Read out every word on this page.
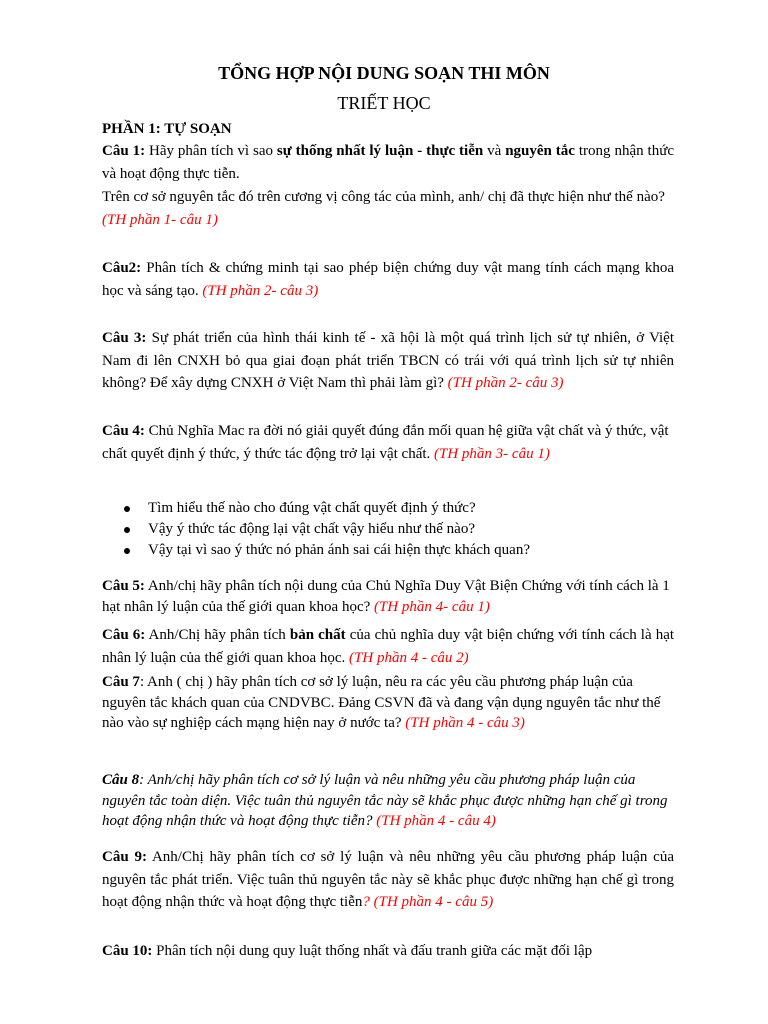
TỔNG HỢP NỘI DUNG SOẠN THI MÔN
TRIẾT HỌC
PHẦN 1: TỰ SOẠN
Câu 1: Hãy phân tích vì sao sự thống nhất lý luận - thực tiễn và nguyên tắc trong nhận thức và hoạt động thực tiễn.
Trên cơ sở nguyên tắc đó trên cương vị công tác của mình, anh/ chị đã thực hiện như thế nào? (TH phần 1- câu 1)
Câu2: Phân tích & chứng minh tại sao phép biện chứng duy vật mang tính cách mạng khoa học và sáng tạo. (TH phần 2- câu 3)
Câu 3: Sự phát triển của hình thái kinh tế - xã hội là một quá trình lịch sử tự nhiên, ở Việt Nam đi lên CNXH bỏ qua giai đoạn phát triển TBCN có trái với quá trình lịch sử tự nhiên không? Để xây dựng CNXH ở Việt Nam thì phải làm gì? (TH phần 2- câu 3)
Câu 4: Chủ Nghĩa Mac ra đời nó giải quyết đúng đắn mối quan hệ giữa vật chất và ý thức, vật chất quyết định ý thức, ý thức tác động trở lại vật chất. (TH phần 3- câu 1)
Tìm hiểu thế nào cho đúng vật chất quyết định ý thức?
Vậy ý thức tác động lại vật chất vậy hiểu như thế nào?
Vậy tại vì sao ý thức nó phản ánh sai cái hiện thực khách quan?
Câu 5: Anh/chị hãy phân tích nội dung của Chủ Nghĩa Duy Vật Biện Chứng với tính cách là 1 hạt nhân lý luận của thế giới quan khoa học? (TH phần 4- câu 1)
Câu 6: Anh/Chị hãy phân tích bản chất của chủ nghĩa duy vật biện chứng với tính cách là hạt nhân lý luận của thế giới quan khoa học. (TH phần 4 - câu 2)
Câu 7: Anh ( chị ) hãy phân tích cơ sở lý luận, nêu ra các yêu cầu phương pháp luận của nguyên tắc khách quan của CNDVBC. Đảng CSVN đã và đang vận dụng nguyên tắc như thế nào vào sự nghiệp cách mạng hiện nay ở nước ta? (TH phần 4 - câu 3)
Câu 8: Anh/chị hãy phân tích cơ sở lý luận và nêu những yêu cầu phương pháp luận của nguyên tắc toàn diện. Việc tuân thủ nguyên tắc này sẽ khắc phục được những hạn chế gì trong hoạt động nhận thức và hoạt động thực tiễn? (TH phần 4 - câu 4)
Câu 9: Anh/Chị hãy phân tích cơ sở lý luận và nêu những yêu cầu phương pháp luận của nguyên tắc phát triển. Việc tuân thủ nguyên tắc này sẽ khắc phục được những hạn chế gì trong hoạt động nhận thức và hoạt động thực tiễn? (TH phần 4 - câu 5)
Câu 10: Phân tích nội dung quy luật thống nhất và đấu tranh giữa các mặt đối lập
